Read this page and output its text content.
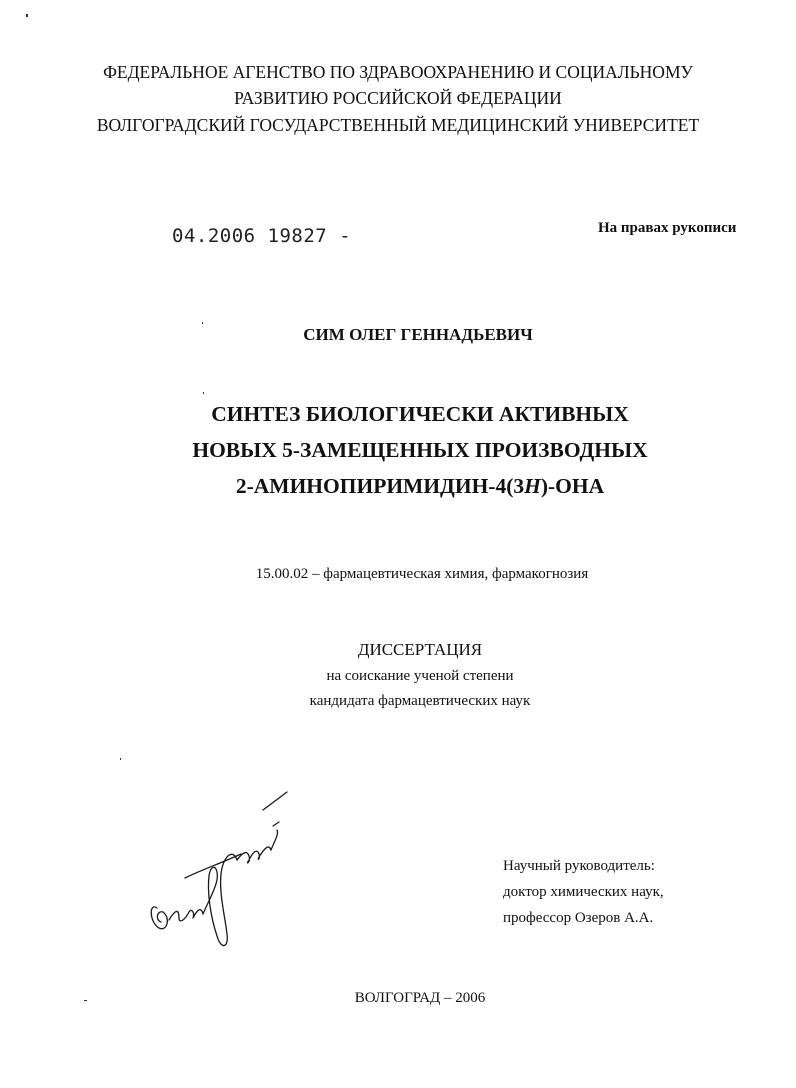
ФЕДЕРАЛЬНОЕ АГЕНСТВО ПО ЗДРАВООХРАНЕНИЮ И СОЦИАЛЬНОМУ
РАЗВИТИЮ РОССИЙСКОЙ ФЕДЕРАЦИИ
ВОЛГОГРАДСКИЙ ГОСУДАРСТВЕННЫЙ МЕДИЦИНСКИЙ УНИВЕРСИТЕТ
04.2006 19827 -	На правах рукописи
СИМ ОЛЕГ ГЕННАДЬЕВИЧ
СИНТЕЗ БИОЛОГИЧЕСКИ АКТИВНЫХ
НОВЫХ 5-ЗАМЕЩЕННЫХ ПРОИЗВОДНЫХ
2-АМИНОПИРИМИДИН-4(3Н)-ОНА
15.00.02 – фармацевтическая химия, фармакогнозия
ДИССЕРТАЦИЯ
на соискание ученой степени
кандидата фармацевтических наук
Научный руководитель:
доктор химических наук,
профессор Озеров А.А.
ВОЛГОГРАД – 2006
